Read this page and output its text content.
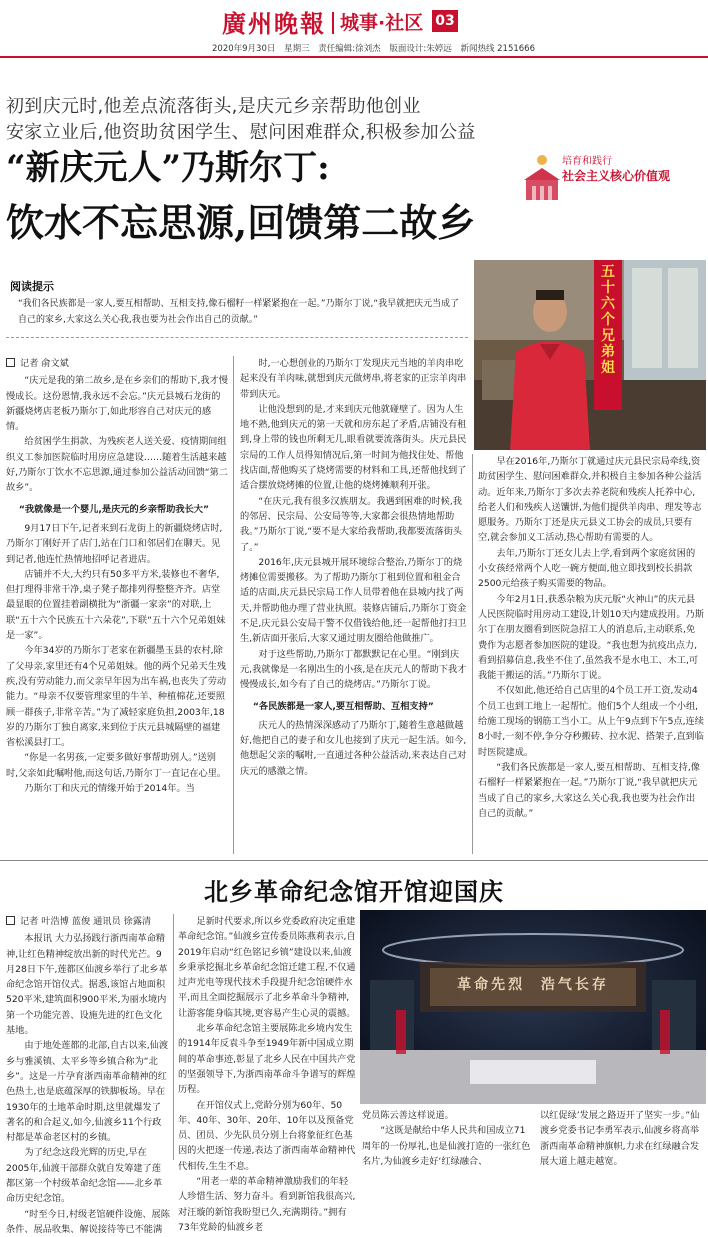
廣州晚報 城事·社区 03
2020年9月30日 星期三 责任编辑:徐刘杰 版面设计:朱婷远 新闻热线 2151666
初到庆元时,他差点流落街头,是庆元乡亲帮助他创业
安家立业后,他资助贫困学生、慰问困难群众,积极参加公益
“新庆元人”乃斯尔丁:
饮水不忘思源,回馈第二故乡
培育和践行
社会主义核心价值观
阅读提示
“我们各民族都是一家人,要互相帮助、互相支持,像石榴籽一样紧紧抱在一起。”乃斯尔丁说,“我早就把庆元当成了自己的家乡,大家这么关心我,我也要为社会作出自己的贡献。”
五十六个兄弟姐
记者 俞文斌

“庆元是我的第二故乡,是在乡亲们的帮助下,我才慢慢成长。这份恩情,我永远不会忘。”庆元县城石龙街的新疆烧烤店老板乃斯尔丁,如此形容自己对庆元的感情。

给贫困学生捐款、为残疾老人送关爱、疫情期间组织义工参加医院临时用房应急建设……随着生活越来越好,乃斯尔丁饮水不忘思源,通过参加公益活动回馈“第二故乡”。

“我就像是一个婴儿,是庆元的乡亲帮助我长大”

9月17日下午,记者来到石龙街上的新疆烧烤店时,乃斯尔丁刚好开了店门,站在门口和邻居们在聊天。见到记者,他连忙热情地招呼记者进店。

店铺并不大,大约只有50多平方米,装修也不奢华,但打理得非常干净,桌子凳子都排列得整整齐齐。店堂最显眼的位置挂着副横批为“浙疆一家亲”的对联,上联“五十六个民族五十六朵花”,下联“五十六个兄弟姐妹是一家”。

今年34岁的乃斯尔丁老家在新疆墨玉县的农村,除了父母亲,家里还有4个兄弟姐妹。他的两个兄弟天生残疾,没有劳动能力,而父亲早年因为出车祸,也丧失了劳动能力。“母亲不仅要管理家里的牛羊、种植棉花,还要照顾一群孩子,非常辛苦。”为了减轻家庭负担,2003年,18岁的乃斯尔丁独自离家,来到位于庆元县城隔壁的福建省松溪县打工。

“你是一名男孩,一定要多做好事帮助别人。”送别时,父亲如此嘱咐他,而这句话,乃斯尔丁一直记在心里。

乃斯尔丁和庆元的情缘开始于2014年。当

时,一心想创业的乃斯尔丁发现庆元当地的羊肉串吃起来没有羊肉味,就想到庆元做烤串,将老家的正宗羊肉串带到庆元。

让他没想到的是,才来到庆元他就碰壁了。因为人生地不熟,他到庆元的第一天就和房东起了矛盾,店铺没有租到,身上带的钱也所剩无几,眼看就要流落街头。庆元县民宗局的工作人员得知情况后,第一时间为他找住处、帮他找店面,帮他购买了烧烤需要的材料和工具,还帮他找到了适合摆放烧烤摊的位置,让他的烧烤摊顺利开张。

“在庆元,我有很多汉族朋友。我遇到困难的时候,我的邻居、民宗局、公安局等等,大家都会很热情地帮助我。”乃斯尔丁说,“要不是大家给我帮助,我都要流落街头了。”

2016年,庆元县城开展环境综合整治,乃斯尔丁的烧烤摊位需要搬移。为了帮助乃斯尔丁租到位置和租金合适的店面,庆元县民宗局工作人员带着他在县城内找了两天,并帮助他办理了营业执照。装修店铺后,乃斯尔丁资金不足,庆元县公安局干警不仅借钱给他,还一起帮他打扫卫生,新店面开张后,大家又通过朋友圈给他做推广。

对于这些帮助,乃斯尔丁都默默记在心里。“刚到庆元,我就像是一名刚出生的小孩,是在庆元人的帮助下我才慢慢成长,如今有了自己的烧烤店。”乃斯尔丁说。

“各民族都是一家人,要互相帮助、互相支持”

庆元人的热情深深感动了乃斯尔丁,随着生意越做越好,他把自己的妻子和女儿也接到了庆元一起生活。如今,他想起父亲的嘱咐,一直通过各种公益活动,来表达自己对庆元的感激之情。

早在2016年,乃斯尔丁就通过庆元县民宗局牵线,资助贫困学生、慰问困难群众,并积极自主参加各种公益活动。近年来,乃斯尔丁多次去养老院和残疾人托养中心,给老人们和残疾人送馕饼,为他们提供羊肉串、理发等志愿服务。乃斯尔丁还是庆元县义工协会的成员,只要有空,就会参加义工活动,热心帮助有需要的人。

去年,乃斯尔丁还女儿去上学,看到两个家庭贫困的小女孩经常两个人吃一碗方便面,他立即找到校长捐款2500元给孩子购买需要的物品。

今年2月1日,获悉杂粮为庆元版“火神山”的庆元县人民医院临时用房动工建设,计划10天内建成投用。乃斯尔丁在朋友圈看到医院急招工人的消息后,主动联系,免费作为志愿者参加医院的建设。“我也想为抗疫出点力,看到招募信息,我坐不住了,虽然我不是水电工、木工,可我能干搬运的活。”乃斯尔丁说。

不仅如此,他还给自己店里的4个员工开工资,发动4个员工也到工地上一起帮忙。他们5个人组成一个小组,给施工现场的钢筋工当小工。从上午9点到下午5点,连续8小时,一刻不停,争分夺秒搬砖、拉水泥、搭架子,直到临时医院建成。

“我们各民族都是一家人,要互相帮助、互相支持,像石榴籽一样紧紧抱在一起。”乃斯尔丁说,“我早就把庆元当成了自己的家乡,大家这么关心我,我也要为社会作出自己的贡献。”

北乡革命纪念馆开馆迎国庆
记者 叶浩博 蓝俊 通讯员 徐露清

本报讯 大力弘扬践行浙西南革命精神,让红色精神绽放出新的时代光芒。9月28日下午,莲都区仙渡乡举行了北乡革命纪念馆开馆仪式。据悉,该馆占地面积520平米,建筑面积900平米,为丽水境内第一个功能完善、设施先进的红色文化基地。

由于地处莲都的北部,自古以来,仙渡乡与雅溪镇、太平乡等乡镇合称为“北乡”。这是一片孕育浙西南革命精神的红色热土,也是底蕴深厚的铁脚板场。早在1930年的土地革命时期,这里就爆发了著名的和合起义,如今,仙渡乡11个行政村都是革命老区村的乡镇。

为了纪念这段光辉的历史,早在2005年,仙渡干部群众就自发筹建了莲都区第一个村级革命纪念馆——北乡革命历史纪念馆。

“时至今日,村级老馆硬件设施、展陈条件、展品收集、解说接待等已不能满

足新时代要求,所以乡党委政府决定重建革命纪念馆。”仙渡乡宣传委员陈燕莉表示,自2019年启动“红色铭记乡镇”建设以来,仙渡乡秉承挖掘北乡革命纪念馆迁建工程,不仅通过声光电等现代技术手段提升纪念馆硬件水平,而且全面挖掘展示了北乡革命斗争精神,让游客能身临其境,更容易产生心灵的震撼。

北乡革命纪念馆主要展陈北乡境内发生的1914年反袁斗争至1949年新中国成立期间的革命事迹,彰显了北乡人民在中国共产党的坚强领导下,为浙西南革命斗争谱写的辉煌历程。

在开馆仪式上,党龄分别为60年、50年、40年、30年、20年、10年以及预备党员、团员、少先队员分别上台将象征红色基因的火把逐一传递,表达了浙西南革命精神代代相传,生生不息。

“用老一辈的革命精神激励我们的年轻人珍惜生活、努力奋斗。看到新馆我很高兴,对汪璇的新馆我盼望已久,充满期待。”拥有73年党龄的仙渡乡老

革命先烈  浩气长存

党员陈云善这样说道。

“这既是献给中华人民共和国成立71周年的一份厚礼,也是仙渡打造的一张红色名片,为仙渡乡走好‘红绿融合、

以红促绿’发展之路迈开了坚实一步。”仙渡乡党委书记李勇军表示,仙渡乡将高举浙西南革命精神旗帜,力求在红绿融合发展大道上越走越宽。
